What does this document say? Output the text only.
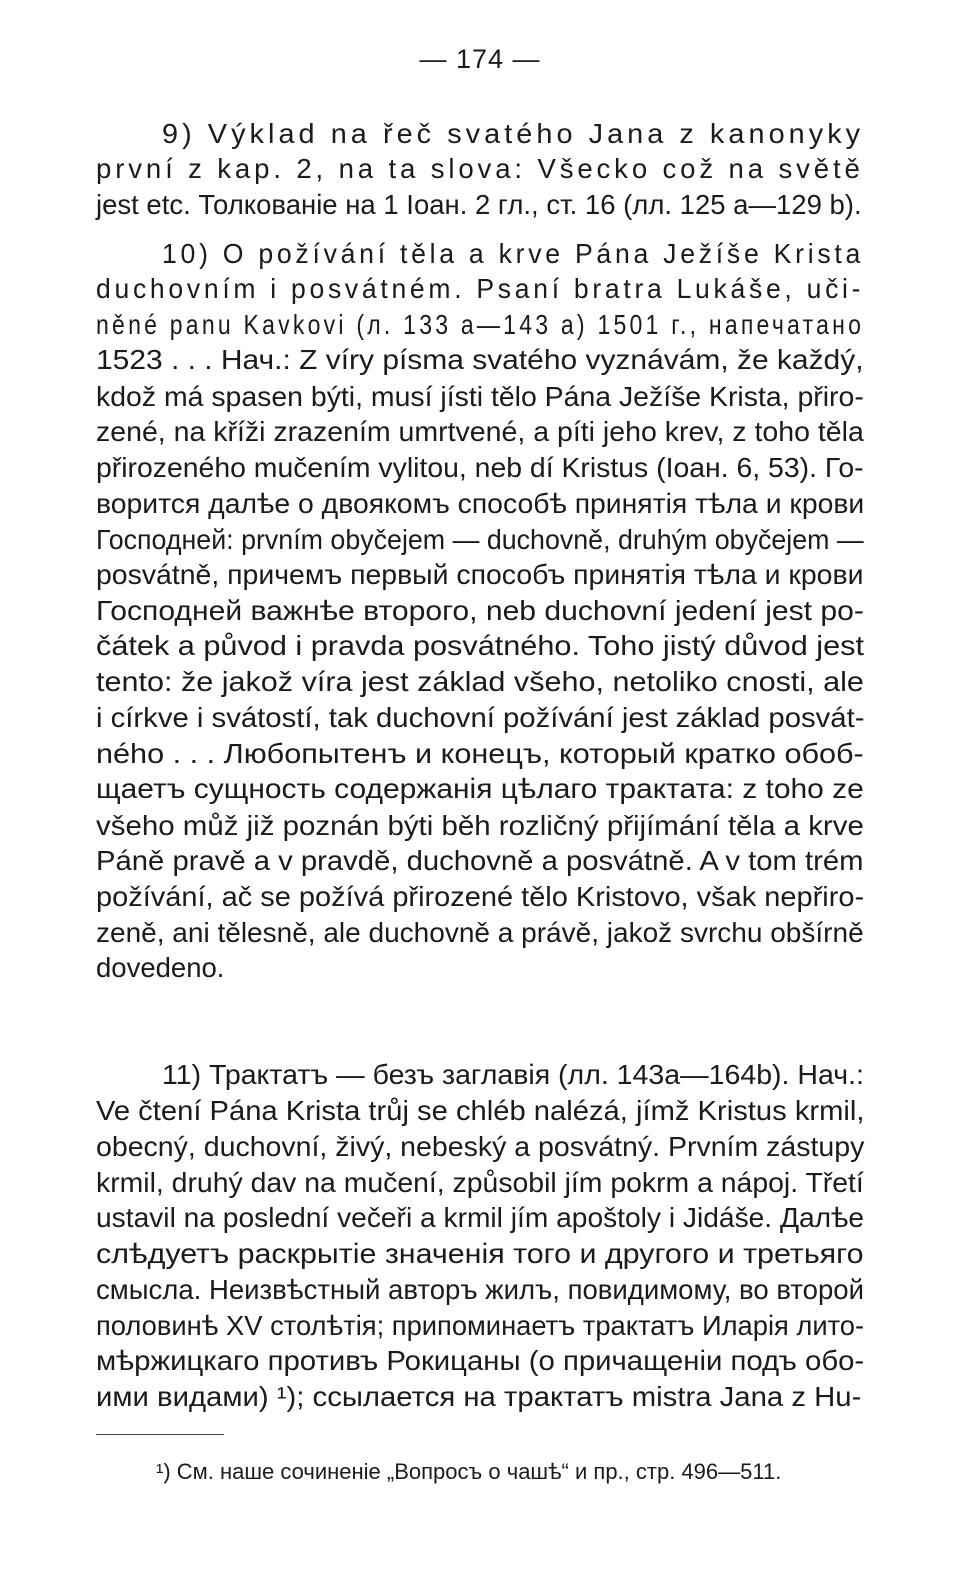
— 174 —
9) Výklad na řeč svatého Jana z kanonyky
první z kap. 2, na ta slova: Všecko což na světě
jest etc. Толкованіе на 1 Іоан. 2 гл., ст. 16 (лл. 125 а—129 b).
10) O požívání těla a krve Pána Ježíše Krista
duchovním i posvátném. Psaní bratra Lukáše, uči-
něné panu Kavkovi (л. 133 а—143 а) 1501 г., напечатано
1523 . . . Нач.: Z víry písma svatého vyznávám, že každý,
kdož má spasen býti, musí jísti tělo Pána Ježíše Krista, přiro-
zené, na kříži zrazením umrtvené, a píti jeho krev, z toho těla
přirozeného mučením vylitou, neb dí Kristus (Іоан. 6, 53). Го-
ворится далѣе о двоякомъ способѣ принятія тѣла и крови
Господней: prvním obyčejem — duchovně, druhým obyčejem —
posvátně, причемъ первый способъ принятія тѣла и крови
Господней важнѣе второго, neb duchovní jedení jest po-
čátek a původ i pravda posvátného. Toho jistý důvod jest
tento: že jakož víra jest základ všeho, netoliko cnosti, ale
i církve i svátostí, tak duchovní požívání jest základ posvát-
ného . . . Любопытенъ и конецъ, который кратко обоб-
щаетъ сущность содержанія цѣлаго трактата: z toho ze
všeho můž již poznán býti běh rozličný přijímání těla a krve
Páně pravě a v pravdě, duchovně a posvátně. A v tom trém
požívání, ač se požívá přirozené tělo Kristovo, však nepřiro-
zeně, ani tělesně, ale duchovně a právě, jakož svrchu obšírně
dovedeno.
11) Трактатъ — безъ заглавія (лл. 143а—164b). Нач.:
Ve čtení Pána Krista trůj se chléb nalézá, jímž Kristus krmil,
obecný, duchovní, živý, nebeský a posvátný. Prvním zástupy
krmil, druhý dav na mučení, způsobil jím pokrm a nápoj. Třetí
ustavil na poslední večeři a krmil jím apoštoly i Jidáše. Далѣе
слѣдуетъ раскрытіе значенія того и другого и третьяго
смысла. Неизвѣстный авторъ жилъ, повидимому, во второй
половинѣ XV столѣтія; припоминаетъ трактатъ Иларія лито-
мѣржицкаго противъ Рокицаны (о причащеніи подъ обо-
ими видами) ¹); ссылается на трактатъ mistra Jana z Hu-
¹) См. наше сочиненіе „Вопросъ о чашѣ“ и пр., стр. 496—511.
